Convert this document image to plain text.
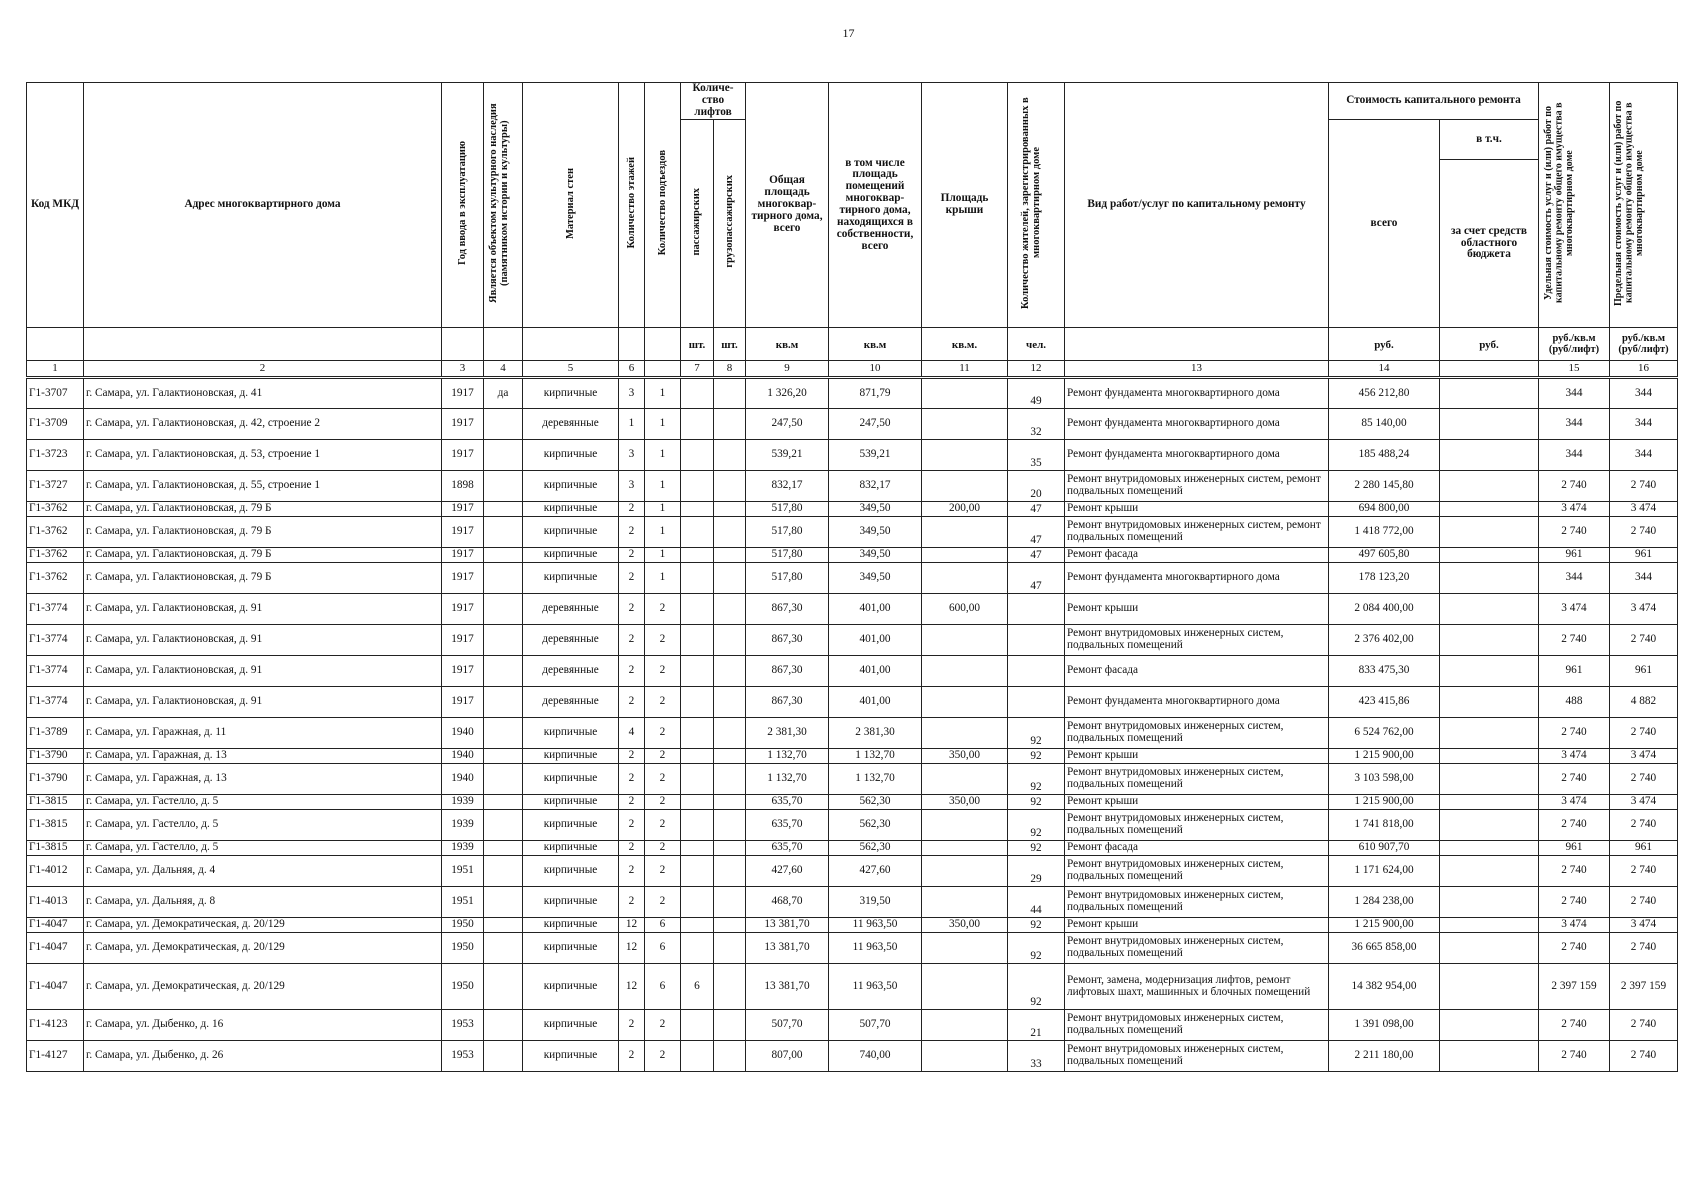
17
Код МКД	Адрес многоквартирного дома	Год ввода в эксплуатацию	Является объектом культурного наследия (памятником истории и культуры)	Материал стен	Количество этажей	Количество подъездов	Количе-ство лифтов		Общая площадь многоквар-тирного дома, всего	в том числе площадь помещений многоквар-тирного дома, находящихся в собственности, всего	Площадь крыши	Количество жителей, зарегистрированных в многоквартирном доме	Вид работ/услуг по капитальному ремонту	Стоимость капитального ремонта		Удельная стоимость услуг и (или) работ по капитальному ремонту общего имущества в многоквартирном доме	Предельная стоимость услуг и (или) работ по капитальному ремонту общего имущества в многоквартирном доме
							пассажирских	грузопассажирских						всего	в т.ч.		
															за счет средств областного бюджета		
							шт.	шт.	кв.м	кв.м	кв.м.	чел.		руб.	руб.	руб./кв.м (руб/лифт)	руб./кв.м (руб/лифт)
1	2	3	4	5	6		7	8	9	10	11	12	13	14		15	16
Г1-3707	г. Самара, ул. Галактионовская, д. 41	1917	да	кирпичные	3	1			1 326,20	871,79		49	Ремонт фундамента многоквартирного дома	456 212,80		344	344
Г1-3709	г. Самара, ул. Галактионовская, д. 42, строение 2	1917		деревянные	1	1			247,50	247,50		32	Ремонт фундамента многоквартирного дома	85 140,00		344	344
Г1-3723	г. Самара, ул. Галактионовская, д. 53, строение 1	1917		кирпичные	3	1			539,21	539,21		35	Ремонт фундамента многоквартирного дома	185 488,24		344	344
Г1-3727	г. Самара, ул. Галактионовская, д. 55, строение 1	1898		кирпичные	3	1			832,17	832,17		20	Ремонт внутридомовых инженерных систем, ремонт подвальных помещений	2 280 145,80		2 740	2 740
Г1-3762	г. Самара, ул. Галактионовская, д. 79 Б	1917		кирпичные	2	1			517,80	349,50	200,00	47	Ремонт крыши	694 800,00		3 474	3 474
Г1-3762	г. Самара, ул. Галактионовская, д. 79 Б	1917		кирпичные	2	1			517,80	349,50		47	Ремонт внутридомовых инженерных систем, ремонт подвальных помещений	1 418 772,00		2 740	2 740
Г1-3762	г. Самара, ул. Галактионовская, д. 79 Б	1917		кирпичные	2	1			517,80	349,50		47	Ремонт фасада	497 605,80		961	961
Г1-3762	г. Самара, ул. Галактионовская, д. 79 Б	1917		кирпичные	2	1			517,80	349,50		47	Ремонт фундамента многоквартирного дома	178 123,20		344	344
Г1-3774	г. Самара, ул. Галактионовская, д. 91	1917		деревянные	2	2			867,30	401,00	600,00		Ремонт крыши	2 084 400,00		3 474	3 474
Г1-3774	г. Самара, ул. Галактионовская, д. 91	1917		деревянные	2	2			867,30	401,00			Ремонт внутридомовых инженерных систем, подвальных помещений	2 376 402,00		2 740	2 740
Г1-3774	г. Самара, ул. Галактионовская, д. 91	1917		деревянные	2	2			867,30	401,00			Ремонт фасада	833 475,30		961	961
Г1-3774	г. Самара, ул. Галактионовская, д. 91	1917		деревянные	2	2			867,30	401,00			Ремонт фундамента многоквартирного дома	423 415,86		488	4 882
Г1-3789	г. Самара, ул. Гаражная, д. 11	1940		кирпичные	4	2			2 381,30	2 381,30		92	Ремонт внутридомовых инженерных систем, подвальных помещений	6 524 762,00		2 740	2 740
Г1-3790	г. Самара, ул. Гаражная, д. 13	1940		кирпичные	2	2			1 132,70	1 132,70	350,00	92	Ремонт крыши	1 215 900,00		3 474	3 474
Г1-3790	г. Самара, ул. Гаражная, д. 13	1940		кирпичные	2	2			1 132,70	1 132,70		92	Ремонт внутридомовых инженерных систем, подвальных помещений	3 103 598,00		2 740	2 740
Г1-3815	г. Самара, ул. Гастелло, д. 5	1939		кирпичные	2	2			635,70	562,30	350,00	92	Ремонт крыши	1 215 900,00		3 474	3 474
Г1-3815	г. Самара, ул. Гастелло, д. 5	1939		кирпичные	2	2			635,70	562,30		92	Ремонт внутридомовых инженерных систем, подвальных помещений	1 741 818,00		2 740	2 740
Г1-3815	г. Самара, ул. Гастелло, д. 5	1939		кирпичные	2	2			635,70	562,30		92	Ремонт фасада	610 907,70		961	961
Г1-4012	г. Самара, ул. Дальняя, д. 4	1951		кирпичные	2	2			427,60	427,60		29	Ремонт внутридомовых инженерных систем, подвальных помещений	1 171 624,00		2 740	2 740
Г1-4013	г. Самара, ул. Дальняя, д. 8	1951		кирпичные	2	2			468,70	319,50		44	Ремонт внутридомовых инженерных систем, подвальных помещений	1 284 238,00		2 740	2 740
Г1-4047	г. Самара, ул. Демократическая, д. 20/129	1950		кирпичные	12	6			13 381,70	11 963,50	350,00	92	Ремонт крыши	1 215 900,00		3 474	3 474
Г1-4047	г. Самара, ул. Демократическая, д. 20/129	1950		кирпичные	12	6			13 381,70	11 963,50		92	Ремонт внутридомовых инженерных систем, подвальных помещений	36 665 858,00		2 740	2 740
Г1-4047	г. Самара, ул. Демократическая, д. 20/129	1950		кирпичные	12	6	6		13 381,70	11 963,50		92	Ремонт, замена, модернизация лифтов, ремонт лифтовых шахт, машинных и блочных помещений	14 382 954,00		2 397 159	2 397 159
Г1-4123	г. Самара, ул. Дыбенко, д. 16	1953		кирпичные	2	2			507,70	507,70		21	Ремонт внутридомовых инженерных систем, подвальных помещений	1 391 098,00		2 740	2 740
Г1-4127	г. Самара, ул. Дыбенко, д. 26	1953		кирпичные	2	2			807,00	740,00		33	Ремонт внутридомовых инженерных систем, подвальных помещений	2 211 180,00		2 740	2 740
